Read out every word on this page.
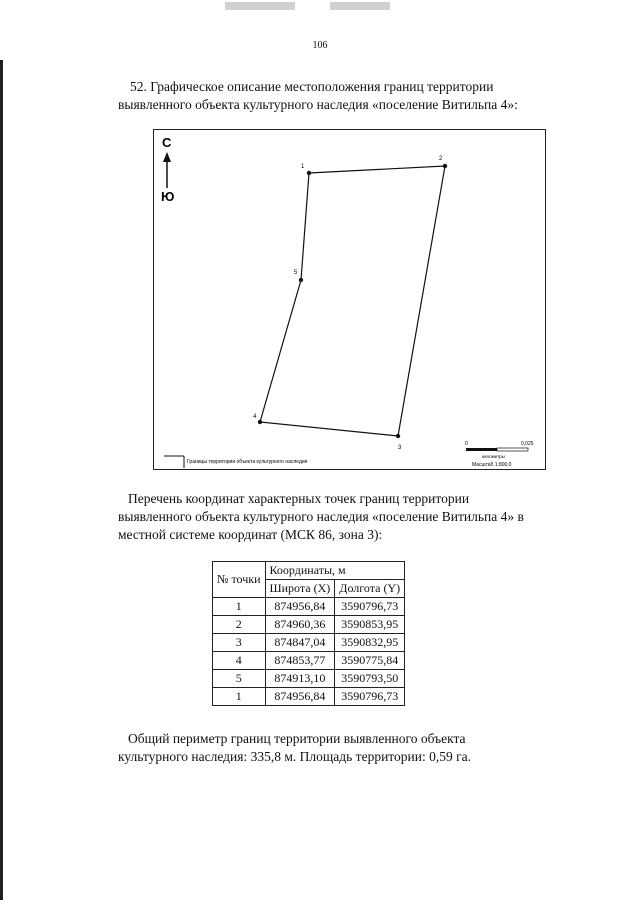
106

52. Графическое описание местоположения границ территории
выявленного объекта культурного наследия «поселение Витильпа 4»:

С
Ю
1
2
3
4
5
Границы территории объекта культурного наследия
0	0,025
километры
Масштаб 1:800,0

Перечень координат характерных точек границ территории
выявленного объекта культурного наследия «поселение Витильпа 4» в
местной системе координат (МСК 86, зона 3):

№ точки	Координаты, м	
	Широта (X)	Долгота (Y)
1	874956,84	3590796,73
2	874960,36	3590853,95
3	874847,04	3590832,95
4	874853,77	3590775,84
5	874913,10	3590793,50
1	874956,84	3590796,73

Общий периметр границ территории выявленного объекта
культурного наследия: 335,8 м. Площадь территории: 0,59 га.
